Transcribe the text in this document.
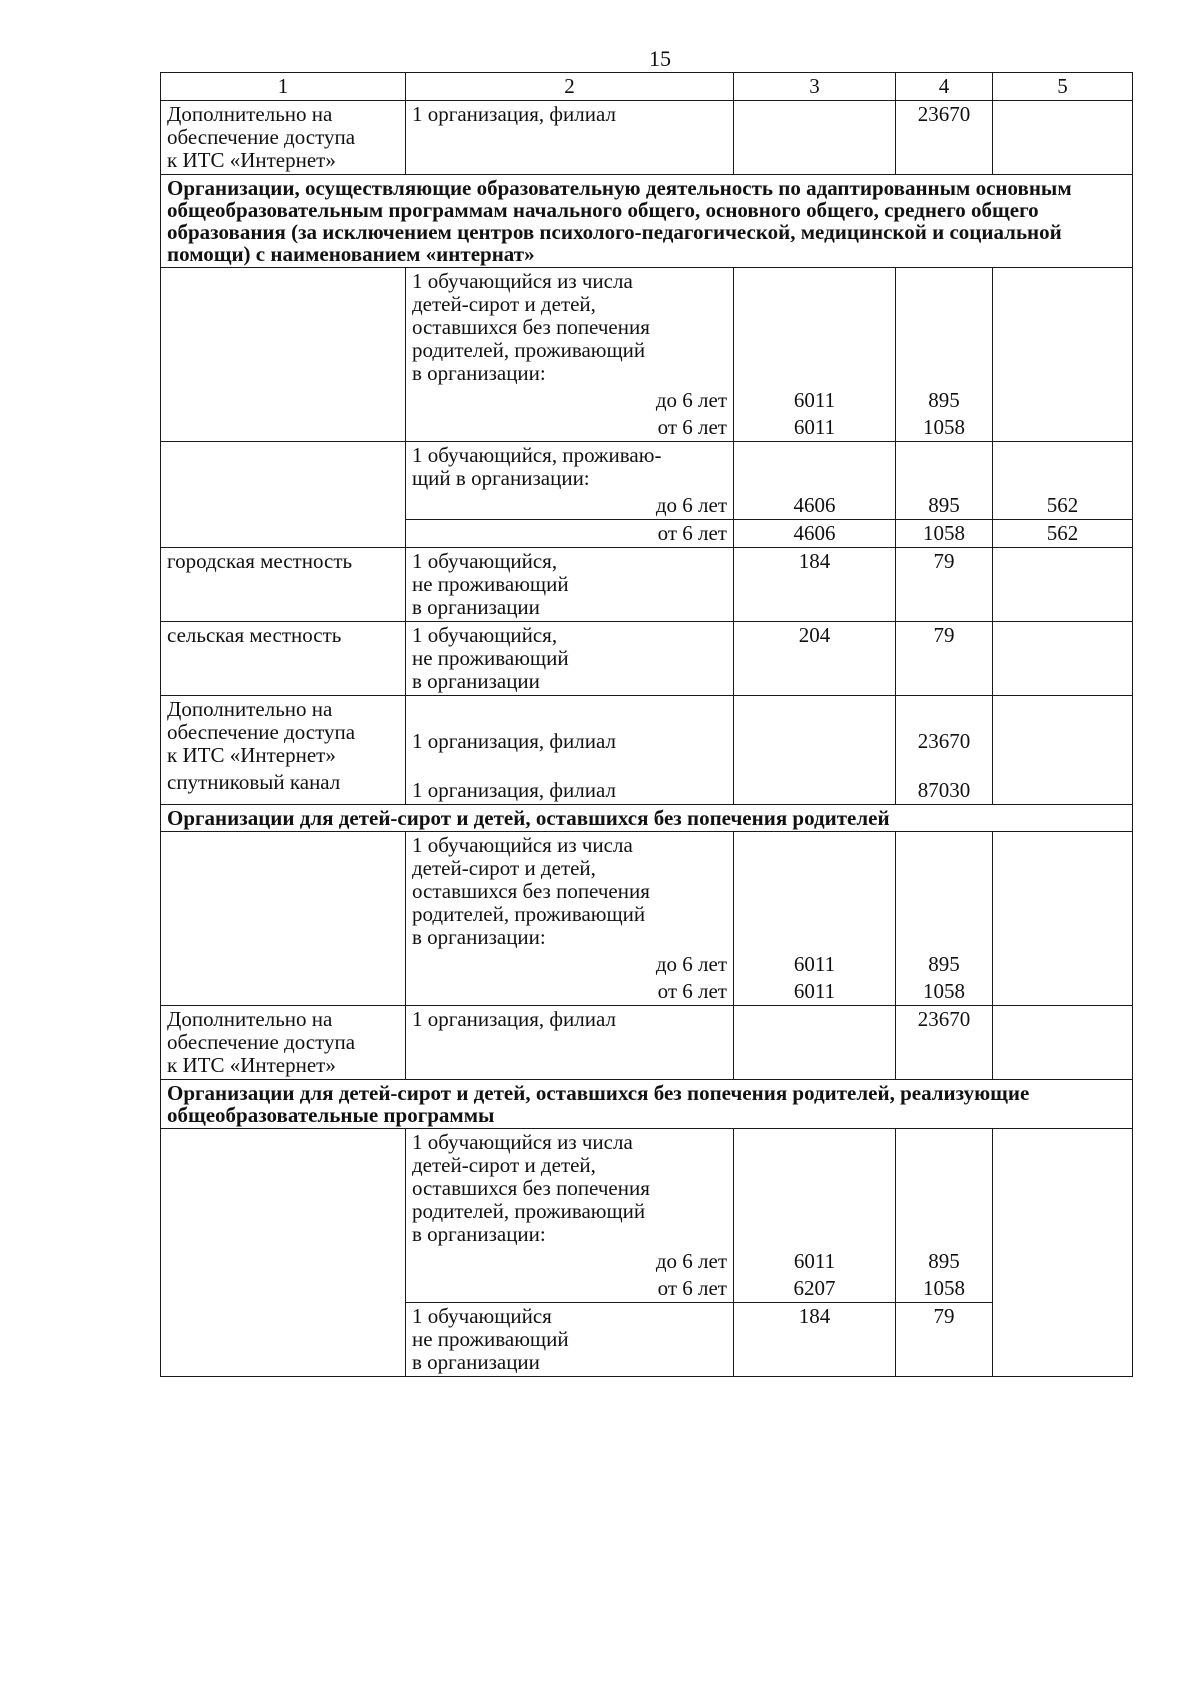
15
1	2	3	4	5
Дополнительно на
обеспечение доступа
к ИТС «Интернет»	1 организация, филиал		23670	
Организации, осуществляющие образовательную деятельность по адаптированным основным общеобразовательным программам начального общего, основного общего, среднего общего образования (за исключением центров психолого-педагогической, медицинской и социальной помощи) с наименованием «интернат»				
	1 обучающийся из числа
детей-сирот и детей,
оставшихся без попечения
родителей, проживающий
в организации:			
	до 6 лет	6011	895	
	от 6 лет	6011	1058	
	1 обучающийся, проживаю-
щий в организации:			
	до 6 лет	4606	895	562
	от 6 лет	4606	1058	562
городская местность	1 обучающийся,
не проживающий
в организации	184	79	
сельская местность	1 обучающийся,
не проживающий
в организации	204	79	
Дополнительно на
обеспечение доступа
к ИТС «Интернет»	1 организация, филиал		23670	
спутниковый канал	1 организация, филиал		87030	
Организации для детей-сирот и детей, оставшихся без попечения родителей				
	1 обучающийся из числа
детей-сирот и детей,
оставшихся без попечения
родителей, проживающий
в организации:			
	до 6 лет	6011	895	
	от 6 лет	6011	1058	
Дополнительно на
обеспечение доступа
к ИТС «Интернет»	1 организация, филиал		23670	
Организации для детей-сирот и детей, оставшихся без попечения родителей, реализующие общеобразовательные программы				
	1 обучающийся из числа
детей-сирот и детей,
оставшихся без попечения
родителей, проживающий
в организации:			
	до 6 лет	6011	895	
	от 6 лет	6207	1058	
	1 обучающийся
не проживающий
в организации	184	79	
